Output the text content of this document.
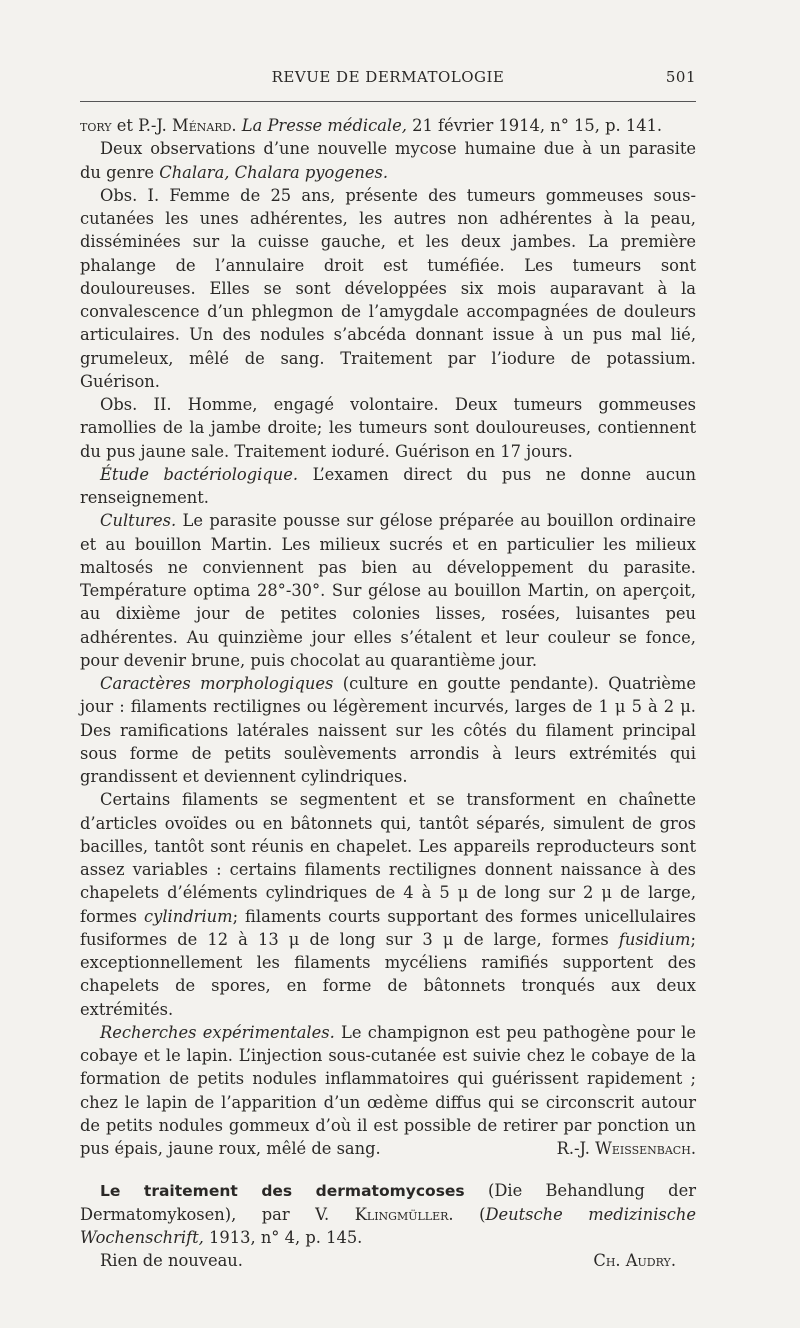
REVUE DE DERMATOLOGIE	501

tory et P.-J. Ménard. La Presse médicale, 21 février 1914, n° 15, p. 141.

Deux observations d’une nouvelle mycose humaine due à un parasite du genre Chalara, Chalara pyogenes.

Obs. I. Femme de 25 ans, présente des tumeurs gommeuses sous-cutanées les unes adhérentes, les autres non adhérentes à la peau, disséminées sur la cuisse gauche, et les deux jambes. La première phalange de l’annulaire droit est tuméfiée. Les tumeurs sont douloureuses. Elles se sont développées six mois auparavant à la convalescence d’un phlegmon de l’amygdale accompagnées de douleurs articulaires. Un des nodules s’abcéda donnant issue à un pus mal lié, grumeleux, mêlé de sang. Traitement par l’iodure de potassium. Guérison.

Obs. II. Homme, engagé volontaire. Deux tumeurs gommeuses ramollies de la jambe droite; les tumeurs sont douloureuses, contiennent du pus jaune sale. Traitement ioduré. Guérison en 17 jours.

Étude bactériologique. L’examen direct du pus ne donne aucun renseignement.

Cultures. Le parasite pousse sur gélose préparée au bouillon ordinaire et au bouillon Martin. Les milieux sucrés et en particulier les milieux maltosés ne conviennent pas bien au développement du parasite. Température optima 28°-30°. Sur gélose au bouillon Martin, on aperçoit, au dixième jour de petites colonies lisses, rosées, luisantes peu adhérentes. Au quinzième jour elles s’étalent et leur couleur se fonce, pour devenir brune, puis chocolat au quarantième jour.

Caractères morphologiques (culture en goutte pendante). Quatrième jour : filaments rectilignes ou légèrement incurvés, larges de 1 μ 5 à 2 μ. Des ramifications latérales naissent sur les côtés du filament principal sous forme de petits soulèvements arrondis à leurs extrémités qui grandissent et deviennent cylindriques.

Certains filaments se segmentent et se transforment en chaînette d’articles ovoïdes ou en bâtonnets qui, tantôt séparés, simulent de gros bacilles, tantôt sont réunis en chapelet. Les appareils reproducteurs sont assez variables : certains filaments rectilignes donnent naissance à des chapelets d’éléments cylindriques de 4 à 5 μ de long sur 2 μ de large, formes cylindrium; filaments courts supportant des formes unicellulaires fusiformes de 12 à 13 μ de long sur 3 μ de large, formes fusidium; exceptionnellement les filaments mycéliens ramifiés supportent des chapelets de spores, en forme de bâtonnets tronqués aux deux extrémités.

Recherches expérimentales. Le champignon est peu pathogène pour le cobaye et le lapin. L’injection sous-cutanée est suivie chez le cobaye de la formation de petits nodules inflammatoires qui guérissent rapidement ; chez le lapin de l’apparition d’un œdème diffus qui se circonscrit autour de petits nodules gommeux d’où il est possible de retirer par ponction un pus épais, jaune roux, mêlé de sang.	R.-J. Weissenbach.

Le traitement des dermatomycoses (Die Behandlung der Dermatomykosen), par V. Klingmüller. (Deutsche medizinische Wochenschrift, 1913, n° 4, p. 145.

Rien de nouveau.	Ch. Audry.
